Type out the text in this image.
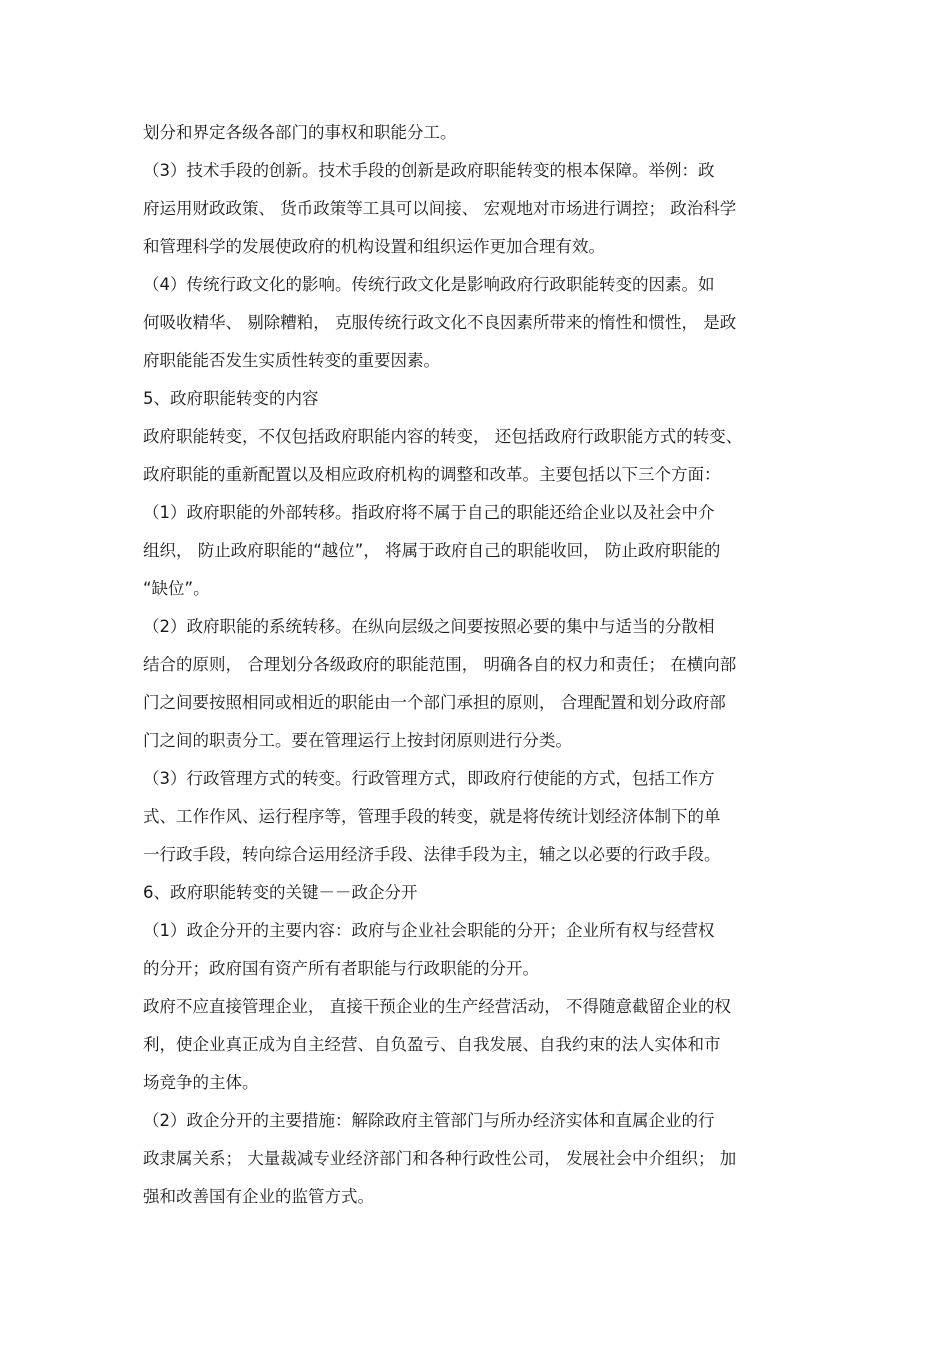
划分和界定各级各部门的事权和职能分工。
（3）技术手段的创新。技术手段的创新是政府职能转变的根本保障。举例：政
府运用财政政策、 货币政策等工具可以间接、 宏观地对市场进行调控； 政治科学
和管理科学的发展使政府的机构设置和组织运作更加合理有效。
（4）传统行政文化的影响。传统行政文化是影响政府行政职能转变的因素。如
何吸收精华、 剔除糟粕， 克服传统行政文化不良因素所带来的惰性和惯性， 是政
府职能能否发生实质性转变的重要因素。
5、政府职能转变的内容
政府职能转变，不仅包括政府职能内容的转变， 还包括政府行政职能方式的转变、
政府职能的重新配置以及相应政府机构的调整和改革。主要包括以下三个方面：
（1）政府职能的外部转移。指政府将不属于自己的职能还给企业以及社会中介
组织， 防止政府职能的“越位”， 将属于政府自己的职能收回， 防止政府职能的
“缺位”。
（2）政府职能的系统转移。在纵向层级之间要按照必要的集中与适当的分散相
结合的原则， 合理划分各级政府的职能范围， 明确各自的权力和责任； 在横向部
门之间要按照相同或相近的职能由一个部门承担的原则， 合理配置和划分政府部
门之间的职责分工。要在管理运行上按封闭原则进行分类。
（3）行政管理方式的转变。行政管理方式，即政府行使能的方式，包括工作方
式、工作作风、运行程序等，管理手段的转变，就是将传统计划经济体制下的单
一行政手段，转向综合运用经济手段、法律手段为主，辅之以必要的行政手段。
6、政府职能转变的关键－－政企分开
（1）政企分开的主要内容：政府与企业社会职能的分开；企业所有权与经营权
的分开；政府国有资产所有者职能与行政职能的分开。
政府不应直接管理企业， 直接干预企业的生产经营活动， 不得随意截留企业的权
利，使企业真正成为自主经营、自负盈亏、自我发展、自我约束的法人实体和市
场竞争的主体。
（2）政企分开的主要措施：解除政府主管部门与所办经济实体和直属企业的行
政隶属关系； 大量裁减专业经济部门和各种行政性公司， 发展社会中介组织； 加
强和改善国有企业的监管方式。
